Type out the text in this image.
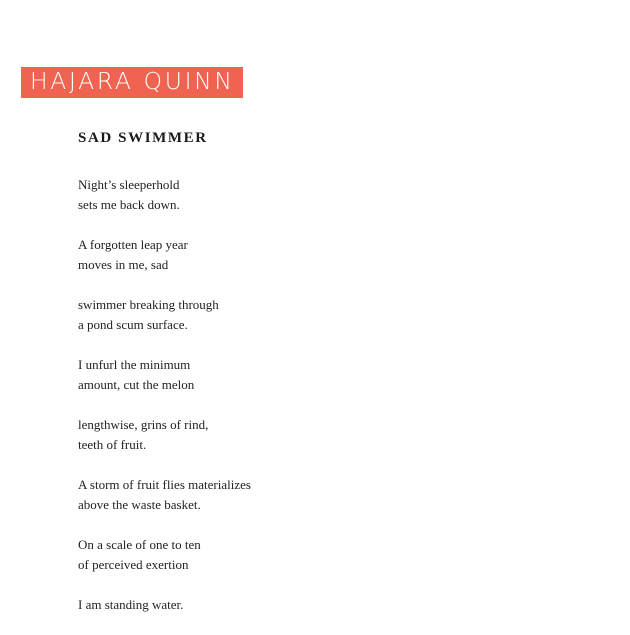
HAJARA QUINN
SAD SWIMMER
Night’s sleeperhold
sets me back down.
A forgotten leap year
moves in me, sad
swimmer breaking through
a pond scum surface.
I unfurl the minimum
amount, cut the melon
lengthwise, grins of rind,
teeth of fruit.
A storm of fruit flies materializes
above the waste basket.
On a scale of one to ten
of perceived exertion
I am standing water.
